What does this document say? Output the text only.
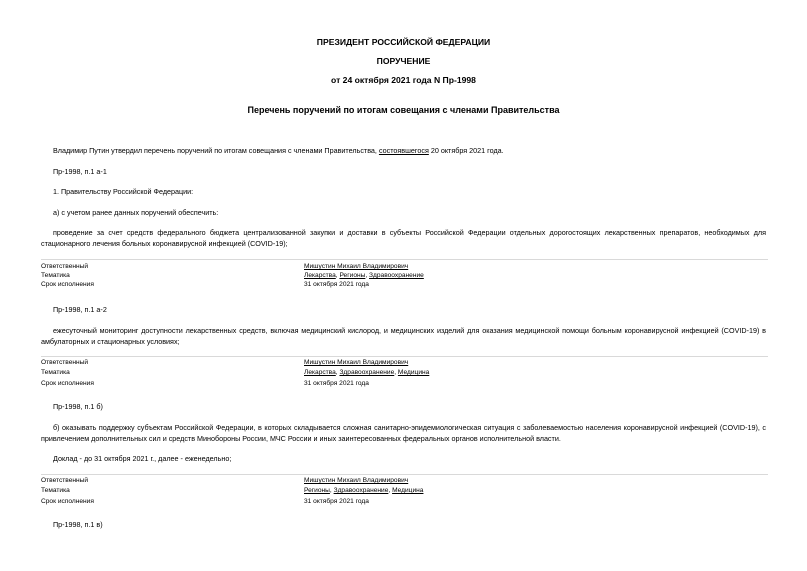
ПРЕЗИДЕНТ РОССИЙСКОЙ ФЕДЕРАЦИИ
ПОРУЧЕНИЕ
от 24 октября 2021 года N Пр-1998
Перечень поручений по итогам совещания с членами Правительства
Владимир Путин утвердил перечень поручений по итогам совещания с членами Правительства, состоявшегося 20 октября 2021 года.
Пр-1998, п.1 а-1
1. Правительству Российской Федерации:
а) с учетом ранее данных поручений обеспечить:
проведение за счет средств федерального бюджета централизованной закупки и доставки в субъекты Российской Федерации отдельных дорогостоящих лекарственных препаратов, необходимых для стационарного лечения больных коронавирусной инфекцией (COVID-19);
Ответственный	Мишустин Михаил Владимирович
Тематика	Лекарства, Регионы, Здравоохранение
Срок исполнения	31 октября 2021 года
Пр-1998, п.1 а-2
ежесуточный мониторинг доступности лекарственных средств, включая медицинский кислород, и медицинских изделий для оказания медицинской помощи больным коронавирусной инфекцией (COVID-19) в амбулаторных и стационарных условиях;
Ответственный	Мишустин Михаил Владимирович
Тематика	Лекарства, Здравоохранение, Медицина
Срок исполнения	31 октября 2021 года
Пр-1998, п.1 б)
б) оказывать поддержку субъектам Российской Федерации, в которых складывается сложная санитарно-эпидемиологическая ситуация с заболеваемостью населения коронавирусной инфекцией (COVID-19), с привлечением дополнительных сил и средств Минобороны России, МЧС России и иных заинтересованных федеральных органов исполнительной власти.
Доклад - до 31 октября 2021 г., далее - еженедельно;
Ответственный	Мишустин Михаил Владимирович
Тематика	Регионы, Здравоохранение, Медицина
Срок исполнения	31 октября 2021 года
Пр-1998, п.1 в)
